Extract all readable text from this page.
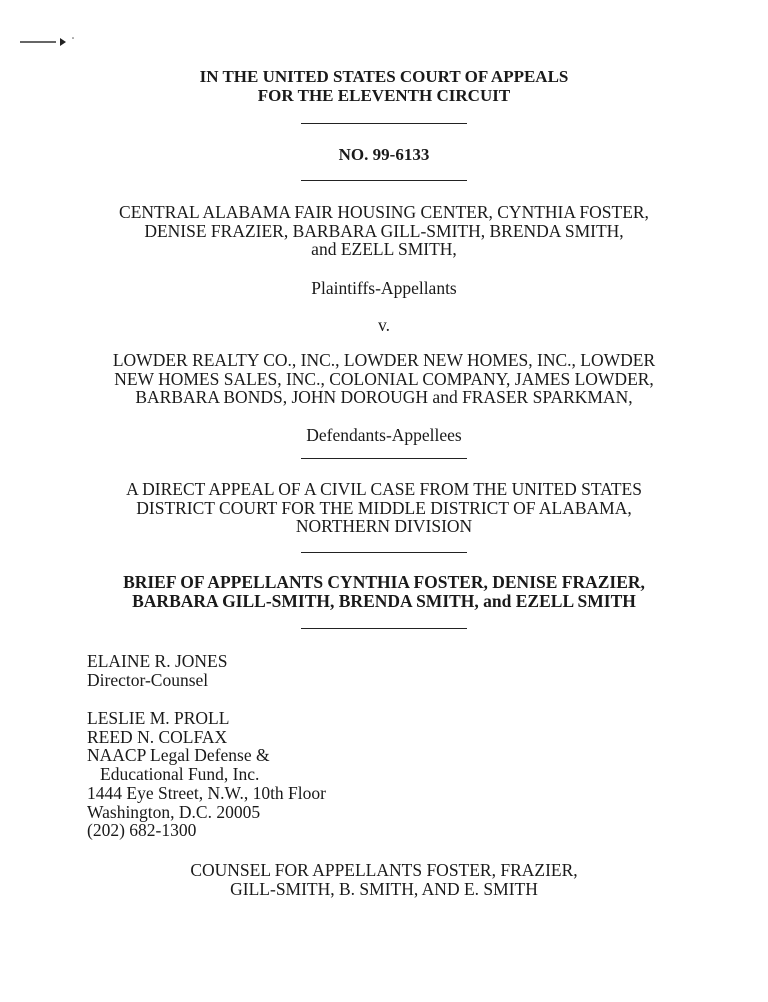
IN THE UNITED STATES COURT OF APPEALS
FOR THE ELEVENTH CIRCUIT
NO. 99-6133
CENTRAL ALABAMA FAIR HOUSING CENTER, CYNTHIA FOSTER,
DENISE FRAZIER, BARBARA GILL-SMITH, BRENDA SMITH,
and EZELL SMITH,
Plaintiffs-Appellants
v.
LOWDER REALTY CO., INC., LOWDER NEW HOMES, INC., LOWDER
NEW HOMES SALES, INC., COLONIAL COMPANY, JAMES LOWDER,
BARBARA BONDS, JOHN DOROUGH and FRASER SPARKMAN,
Defendants-Appellees
A DIRECT APPEAL OF A CIVIL CASE FROM THE UNITED STATES
DISTRICT COURT FOR THE MIDDLE DISTRICT OF ALABAMA,
NORTHERN DIVISION
BRIEF OF APPELLANTS CYNTHIA FOSTER, DENISE FRAZIER,
BARBARA GILL-SMITH, BRENDA SMITH, and EZELL SMITH
ELAINE R. JONES
Director-Counsel
LESLIE M. PROLL
REED N. COLFAX
NAACP Legal Defense &
Educational Fund, Inc.
1444 Eye Street, N.W., 10th Floor
Washington, D.C. 20005
(202) 682-1300
COUNSEL FOR APPELLANTS FOSTER, FRAZIER,
GILL-SMITH, B. SMITH, AND E. SMITH
